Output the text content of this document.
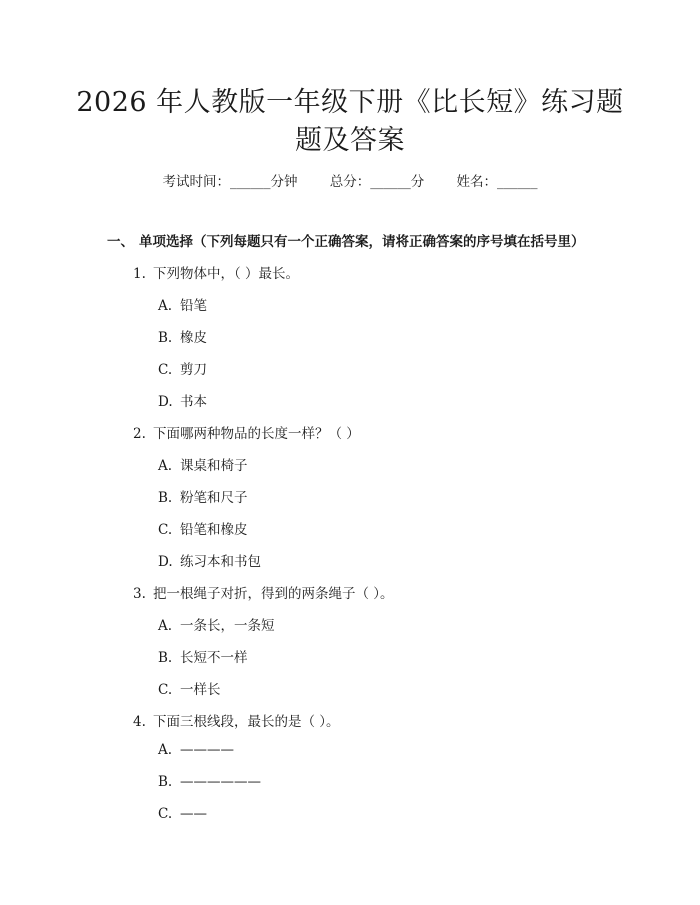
2026 年人教版一年级下册《比长短》练习题
题及答案
考试时间：______分钟 总分：______分 姓名：______
一、 单项选择（下列每题只有一个正确答案，请将正确答案的序号填在括号里）
1. 下列物体中，（ ）最长。
A. 铅笔
B. 橡皮
C. 剪刀
D. 书本
2. 下面哪两种物品的长度一样？（ ）
A. 课桌和椅子
B. 粉笔和尺子
C. 铅笔和橡皮
D. 练习本和书包
3. 把一根绳子对折，得到的两条绳子（ ）。
A. 一条长，一条短
B. 长短不一样
C. 一样长
4. 下面三根线段，最长的是（ ）。
A. ————
B. ——————
C. ——
